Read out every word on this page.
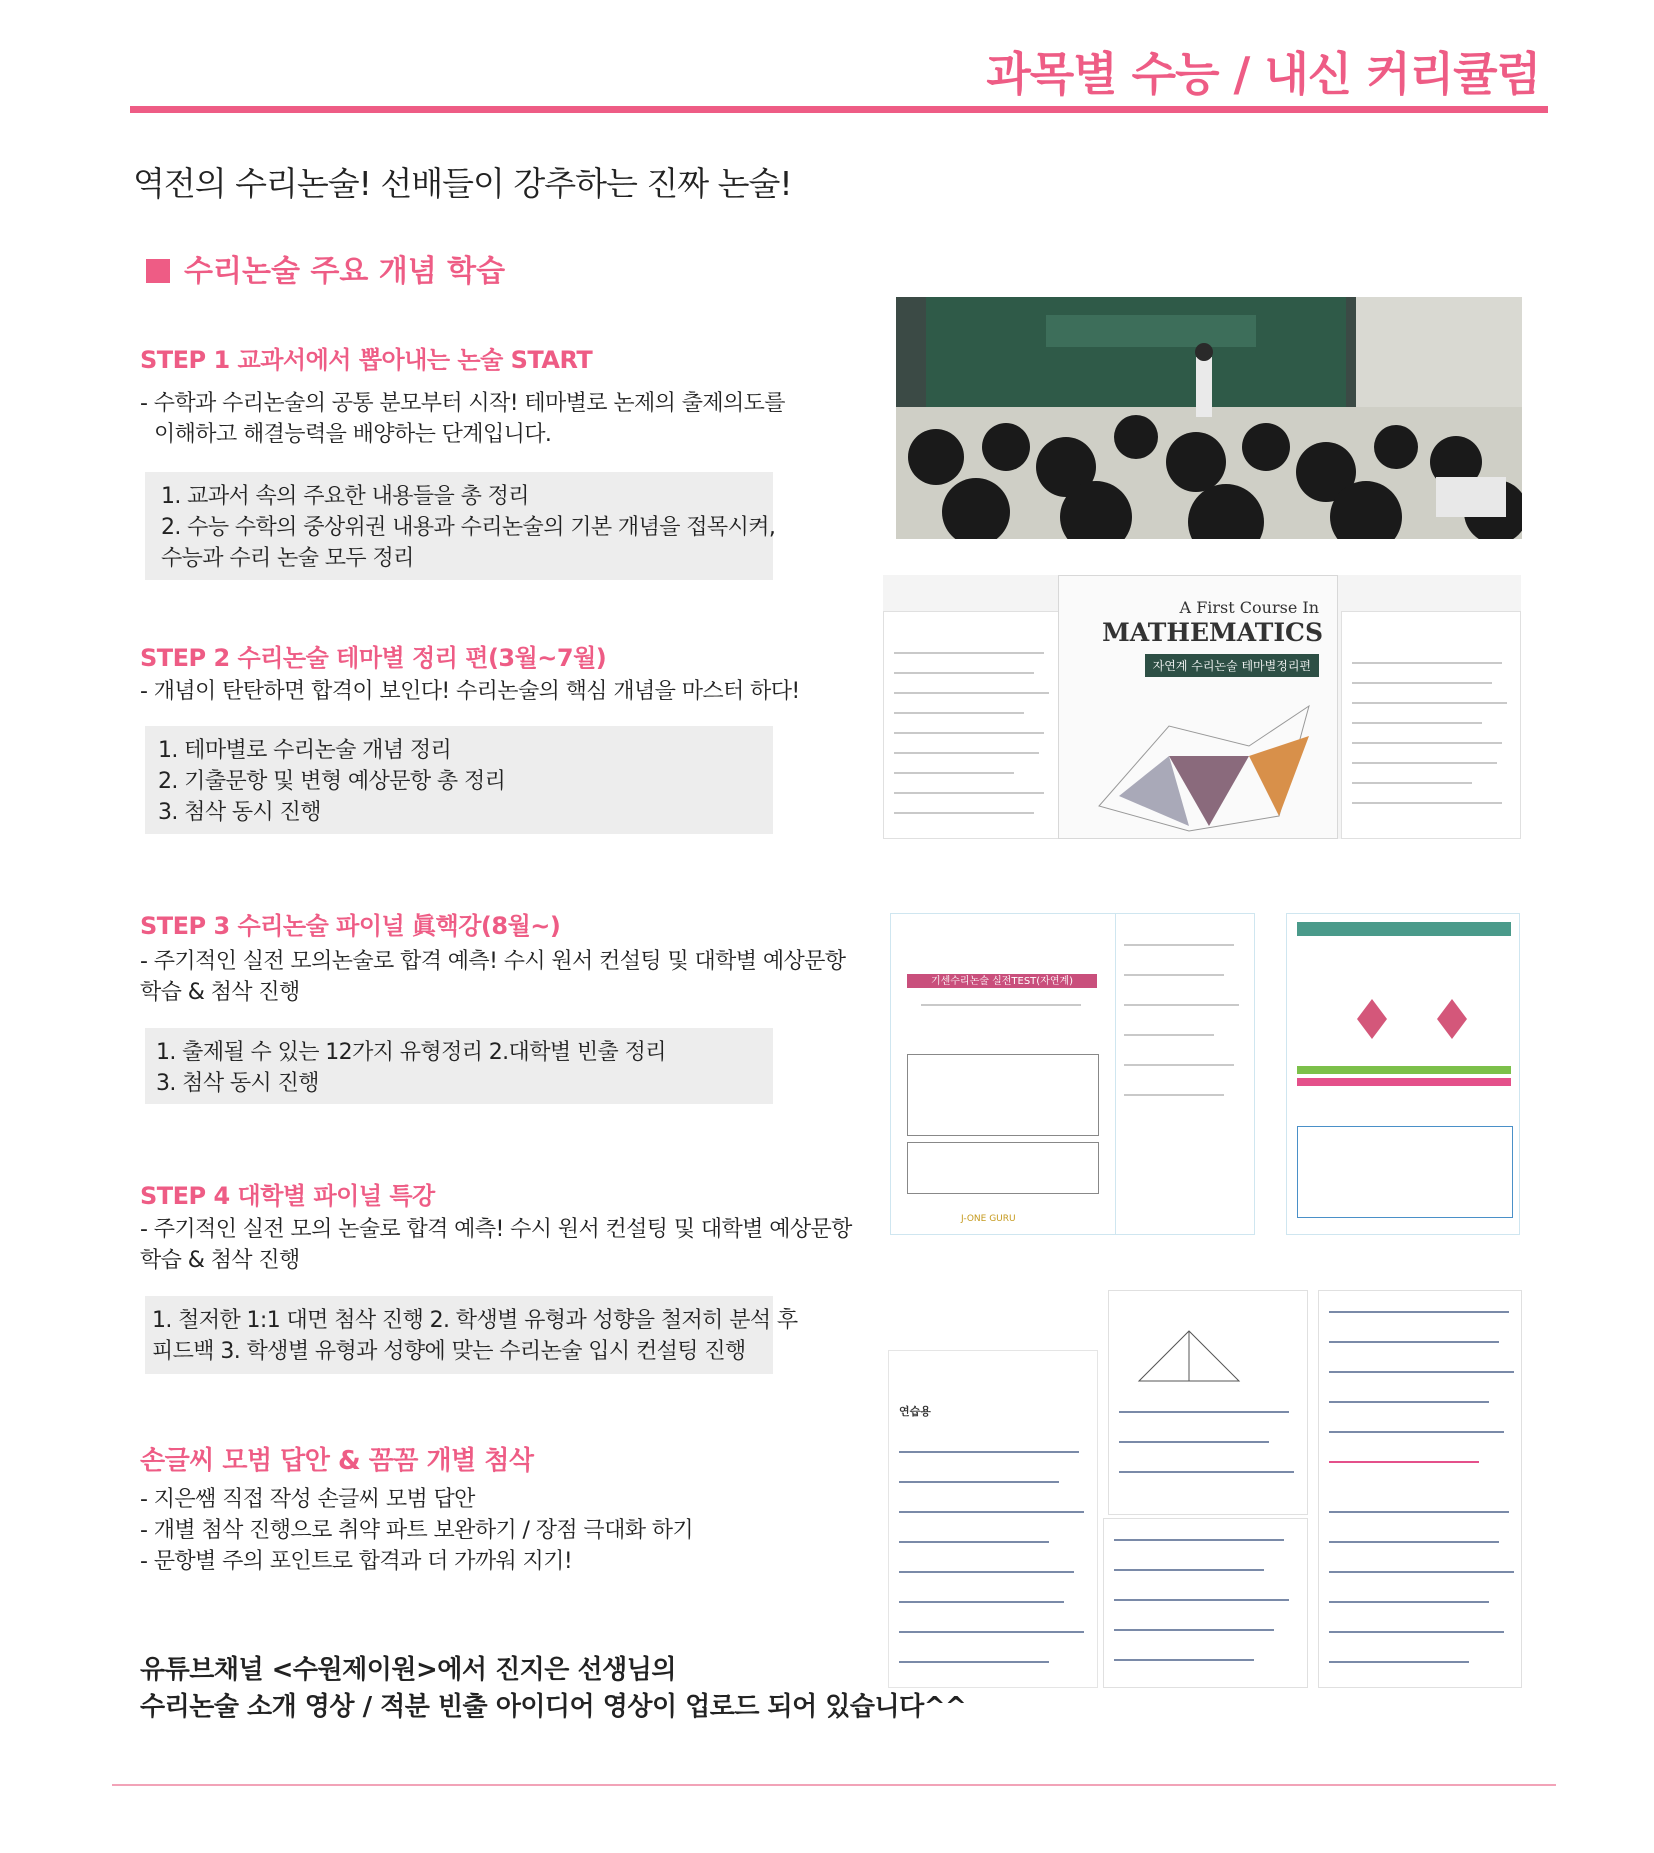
과목별 수능 / 내신 커리큘럼
역전의 수리논술! 선배들이 강추하는 진짜 논술!
수리논술 주요 개념 학습
STEP 1 교과서에서 뽑아내는 논술 START
- 수학과 수리논술의 공통 분모부터 시작! 테마별로 논제의 출제의도를
이해하고 해결능력을 배양하는 단계입니다.
1. 교과서 속의 주요한 내용들을 총 정리
2. 수능 수학의 중상위권 내용과 수리논술의 기본 개념을 접목시켜,
수능과 수리 논술 모두 정리
STEP 2 수리논술 테마별 정리 편(3월~7월)
- 개념이 탄탄하면 합격이 보인다! 수리논술의 핵심 개념을 마스터 하다!
1. 테마별로 수리논술 개념 정리
2. 기출문항 및 변형 예상문항 총 정리
3. 첨삭 동시 진행
STEP 3 수리논술 파이널 眞핵강(8월~)
- 주기적인 실전 모의논술로 합격 예측! 수시 원서 컨설팅 및 대학별 예상문항
학습 & 첨삭 진행
1. 출제될 수 있는 12가지 유형정리 2.대학별 빈출 정리
3. 첨삭 동시 진행
STEP 4 대학별 파이널 특강
- 주기적인 실전 모의 논술로 합격 예측! 수시 원서 컨설팅 및 대학별 예상문항
학습 & 첨삭 진행
1. 철저한 1:1 대면 첨삭 진행 2. 학생별 유형과 성향을 철저히 분석 후
피드백 3. 학생별 유형과 성향에 맞는 수리논술 입시 컨설팅 진행
손글씨 모범 답안 & 꼼꼼 개별 첨삭
- 지은쌤 직접 작성 손글씨 모범 답안
- 개별 첨삭 진행으로 취약 파트 보완하기 / 장점 극대화 하기
- 문항별 주의 포인트로 합격과 더 가까워 지기!
유튜브채널 <수원제이원>에서 진지은 선생님의
수리논술 소개 영상 / 적분 빈출 아이디어 영상이 업로드 되어 있습니다^^
A First Course In
MATHEMATICS
자연계 수리논술 테마별정리편
기센수리논술 실전TEST(자연계)
J-ONE GURU
연습용
